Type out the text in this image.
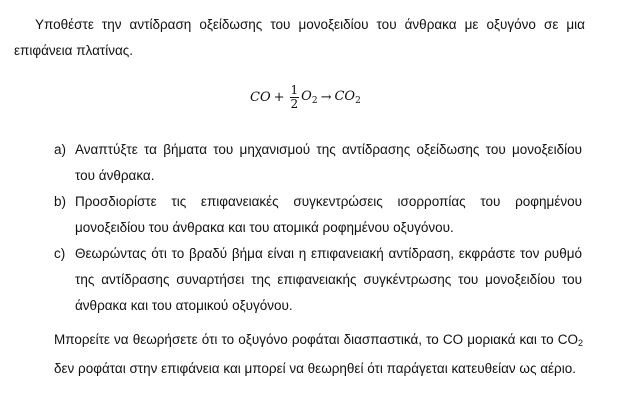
Υποθέστε την αντίδραση οξείδωσης του μονοξειδίου του άνθρακα με οξυγόνο σε μια επιφάνεια πλατίνας.

CO + $\frac{1}{2} O_2 \to CO_2$
a) Αναπτύξτε τα βήματα του μηχανισμού της αντίδρασης οξείδωσης του μονοξειδίου του άνθρακα.
b) Προσδιορίστε τις επιφανειακές συγκεντρώσεις ισορροπίας του ροφημένου μονοξειδίου του άνθρακα και του ατομικά ροφημένου οξυγόνου.
c) Θεωρώντας ότι το βραδύ βήμα είναι η επιφανειακή αντίδραση, εκφράστε τον ρυθμό της αντίδρασης συναρτήσει της επιφανειακής συγκέντρωσης του μονοξειδίου του άνθρακα και του ατομικού οξυγόνου.

Μπορείτε να θεωρήσετε ότι το οξυγόνο ροφάται διασπαστικά, το CO μοριακά και το $CO_2$ δεν ροφάται στην επιφάνεια και μπορεί να θεωρηθεί ότι παράγεται κατευθείαν ως αέριο.
